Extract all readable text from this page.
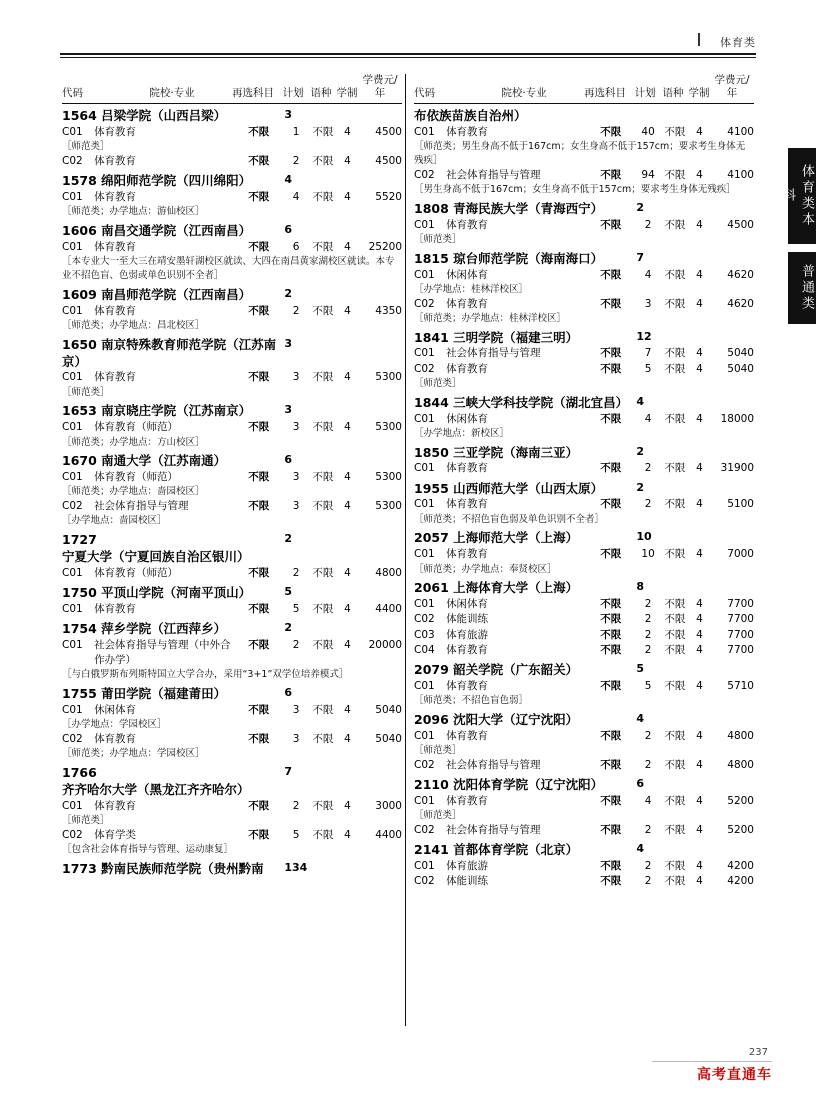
体育类
体育类本科
普通类
代码	院校·专业	再选科目 计划 语种 学制
学费元/年
1564 吕梁学院（山西吕梁）			3			
C01	体育教育	不限	1	不限	4	4500
［师范类］						
C02	体育教育	不限	2	不限	4	4500

1578 绵阳师范学院（四川绵阳）			4			
C01	体育教育	不限	4	不限	4	5520
［师范类；办学地点：游仙校区］						

1606 南昌交通学院（江西南昌）			6			
C01	体育教育	不限	6	不限	4	25200
［本专业大一至大三在靖安墨轩湖校区就读、大四在南昌黄家湖校区就读。本专业不招色盲、色弱或单色识别不全者］						

1609 南昌师范学院（江西南昌）			2			
C01	体育教育	不限	2	不限	4	4350
［师范类；办学地点：昌北校区］						

1650 南京特殊教育师范学院（江苏南京）			3			
C01	体育教育	不限	3	不限	4	5300
［师范类］						

1653 南京晓庄学院（江苏南京）			3			
C01	体育教育（师范）	不限	3	不限	4	5300
［师范类；办学地点：方山校区］						

1670 南通大学（江苏南通）			6			
C01	体育教育（师范）	不限	3	不限	4	5300
［师范类；办学地点：啬园校区］						
C02	社会体育指导与管理	不限	3	不限	4	5300
［办学地点：啬园校区］						

1727 宁夏大学（宁夏回族自治区银川）			2			
C01	体育教育（师范）	不限	2	不限	4	4800

1750 平顶山学院（河南平顶山）			5			
C01	体育教育	不限	5	不限	4	4400

1754 萍乡学院（江西萍乡）			2			
C01	社会体育指导与管理（中外合作办学）	不限	2	不限	4	20000
［与白俄罗斯布列斯特国立大学合办，采用“3+1”双学位培养模式］						

1755 莆田学院（福建莆田）			6			
C01	休闲体育	不限	3	不限	4	5040
［办学地点：学园校区］						
C02	体育教育	不限	3	不限	4	5040
［师范类；办学地点：学园校区］						

1766 齐齐哈尔大学（黑龙江齐齐哈尔）			7			
C01	体育教育	不限	2	不限	4	3000
［师范类］						
C02	体育学类	不限	5	不限	4	4400
［包含社会体育指导与管理、运动康复］						

1773 黔南民族师范学院（贵州黔南			134			
代码	院校·专业	再选科目 计划 语种 学制
学费元/年
布依族苗族自治州）						

C01	体育教育	不限	40	不限	4	4100
［师范类；男生身高不低于167cm；女生身高不低于157cm；要求考生身体无残疾］						
C02	社会体育指导与管理	不限	94	不限	4	4100
［男生身高不低于167cm；女生身高不低于157cm；要求考生身体无残疾］						

1808 青海民族大学（青海西宁）			2			
C01	体育教育	不限	2	不限	4	4500
［师范类］						

1815 琼台师范学院（海南海口）			7			
C01	休闲体育	不限	4	不限	4	4620
［办学地点：桂林洋校区］						
C02	体育教育	不限	3	不限	4	4620
［师范类；办学地点：桂林洋校区］						

1841 三明学院（福建三明）			12			
C01	社会体育指导与管理	不限	7	不限	4	5040
C02	体育教育	不限	5	不限	4	5040
［师范类］						

1844 三峡大学科技学院（湖北宜昌）			4			
C01	休闲体育	不限	4	不限	4	18000
［办学地点：新校区］						

1850 三亚学院（海南三亚）			2			
C01	体育教育	不限	2	不限	4	31900

1955 山西师范大学（山西太原）			2			
C01	体育教育	不限	2	不限	4	5100
［师范类；不招色盲色弱及单色识别不全者］						

2057 上海师范大学（上海）			10			
C01	体育教育	不限	10	不限	4	7000
［师范类；办学地点：奉贤校区］						

2061 上海体育大学（上海）			8			
C01	休闲体育	不限	2	不限	4	7700
C02	体能训练	不限	2	不限	4	7700
C03	体育旅游	不限	2	不限	4	7700
C04	体育教育	不限	2	不限	4	7700

2079 韶关学院（广东韶关）			5			
C01	体育教育	不限	5	不限	4	5710
［师范类；不招色盲色弱］						

2096 沈阳大学（辽宁沈阳）			4			
C01	体育教育	不限	2	不限	4	4800
［师范类］						
C02	社会体育指导与管理	不限	2	不限	4	4800

2110 沈阳体育学院（辽宁沈阳）			6			
C01	体育教育	不限	4	不限	4	5200
［师范类］						
C02	社会体育指导与管理	不限	2	不限	4	5200

2141 首都体育学院（北京）			4			
C01	体育旅游	不限	2	不限	4	4200
C02	体能训练	不限	2	不限	4	4200
237
高考直通车
